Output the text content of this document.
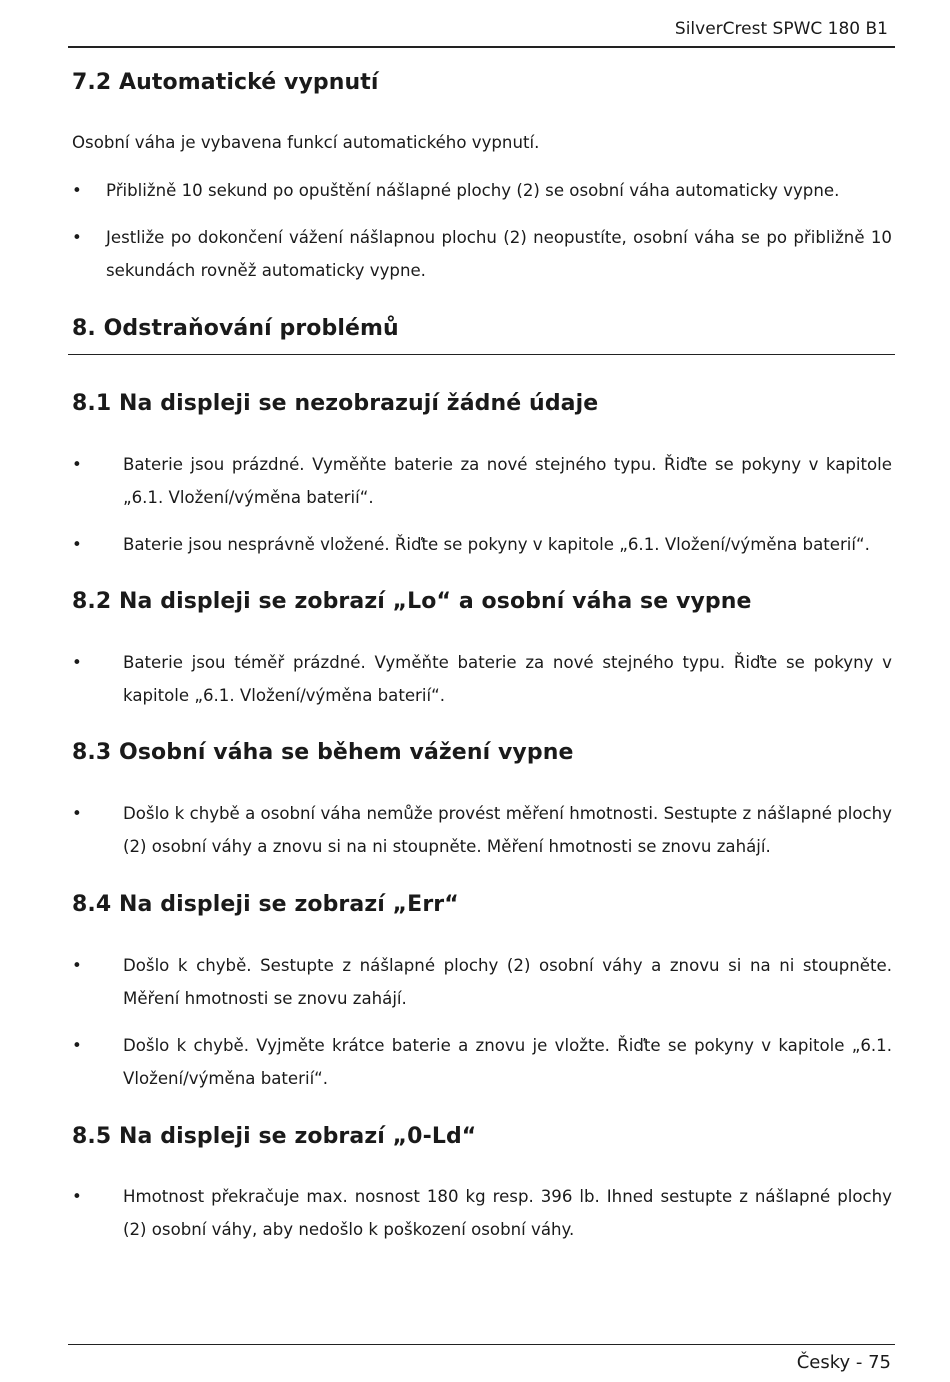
SilverCrest SPWC 180 B1
7.2 Automatické vypnutí

Osobní váha je vybavena funkcí automatického vypnutí.

• Přibližně 10 sekund po opuštění nášlapné plochy (2) se osobní váha automaticky vypne.
• Jestliže po dokončení vážení nášlapnou plochu (2) neopustíte, osobní váha se po přibližně 10 sekundách rovněž automaticky vypne.
8. Odstraňování problémů
8.1 Na displeji se nezobrazují žádné údaje
• Baterie jsou prázdné. Vyměňte baterie za nové stejného typu. Řiďte se pokyny v kapitole „6.1. Vložení/výměna baterií“.
• Baterie jsou nesprávně vložené. Řiďte se pokyny v kapitole „6.1. Vložení/výměna baterií“.
8.2 Na displeji se zobrazí „Lo“ a osobní váha se vypne
• Baterie jsou téměř prázdné. Vyměňte baterie za nové stejného typu. Řiďte se pokyny v kapitole „6.1. Vložení/výměna baterií“.
8.3 Osobní váha se během vážení vypne
• Došlo k chybě a osobní váha nemůže provést měření hmotnosti. Sestupte z nášlapné plochy (2) osobní váhy a znovu si na ni stoupněte. Měření hmotnosti se znovu zahájí.
8.4 Na displeji se zobrazí „Err“
• Došlo k chybě. Sestupte z nášlapné plochy (2) osobní váhy a znovu si na ni stoupněte. Měření hmotnosti se znovu zahájí.
• Došlo k chybě. Vyjměte krátce baterie a znovu je vložte. Řiďte se pokyny v kapitole „6.1. Vložení/výměna baterií“.
8.5 Na displeji se zobrazí „0-Ld“
• Hmotnost překračuje max. nosnost 180 kg resp. 396 lb. Ihned sestupte z nášlapné plochy (2) osobní váhy, aby nedošlo k poškození osobní váhy.
Česky - 75
